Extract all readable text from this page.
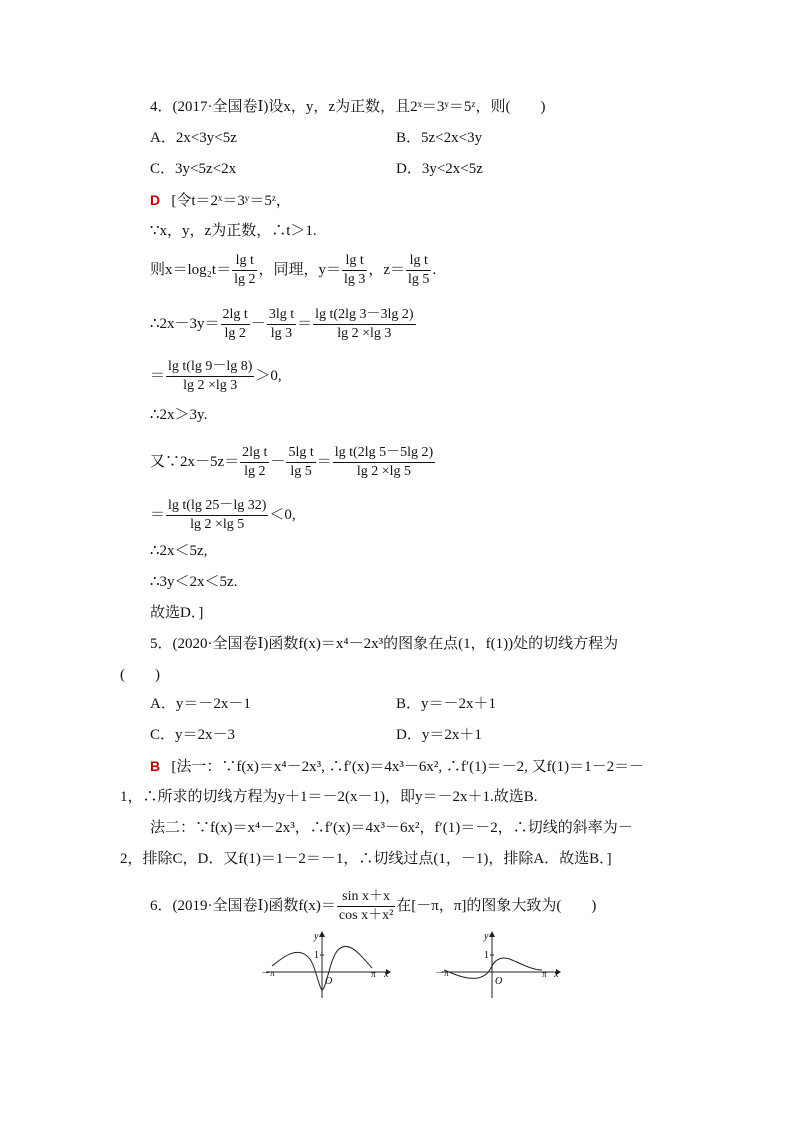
4．(2017·全国卷Ⅰ)设x，y，z为正数，且2ˣ＝3ʸ＝5ᶻ，则(　　)
A．2x<3y<5z	B．5z<2x<3y
C．3y<5z<2x	D．3y<2x<5z
D [令t＝2ˣ＝3ʸ＝5ᶻ，
∵x，y，z为正数，∴t＞1.
则$x=\log_2t= \frac{\text{lg t}}{\lg 2}$ ，同理，$y= \frac{\text{lg t}}{\lg 3}$ ，$z= \frac{\text{lg t}}{\lg 5}$ .
∴2x－3y＝ $\frac{\text{2lg t}}{\lg 2} - \frac{\text{3lg t}}{\lg 3} = \frac{\text{lg t(2lg 3－3lg 2)}}{\lg 2 \times\lg 3}$
＝ $\frac{\text{lg t(lg 9－lg 8)}}{\lg 2 \times\lg 3} >0$,
∴2x＞3y.
又∵2x－5z＝ $\frac{\text{2lg t}}{\lg 2} - \frac{\text{5lg t}}{\lg 5} = \frac{\text{lg t(2lg 5－5lg 2)}}{\lg 2 \times\lg 5}$
＝ $\frac{\text{lg t(lg 25－lg 32)}}{\lg 2 \times\lg 5} <0$,
∴2x＜5z,
∴3y＜2x＜5z.
故选D．]
5．(2020·全国卷Ⅰ)函数f(x)＝x⁴－2x³的图象在点(1，f(1))处的切线方程为
(　　)
A．y＝－2x－1	B．y＝－2x＋1
C．y＝2x－3	D．y＝2x＋1
B [法一：∵f(x)＝x⁴－2x³, ∴f′(x)＝4x³－6x², ∴f′(1)＝－2, 又f(1)＝1－2＝－
1，∴所求的切线方程为y＋1＝－2(x－1)，即y＝－2x＋1.故选B.
法二：∵f(x)＝x⁴－2x³，∴f′(x)＝4x³－6x²，f′(1)＝－2，∴切线的斜率为－
2，排除C，D．又f(1)＝1－2＝－1，∴切线过点(1，－1)，排除A．故选B．]
6．(2019·全国卷Ⅰ)函数$f(x)= \frac{\text{sin x＋x}}{\text{cos x＋x²}}$ 在[－π，π]的图象大致为(　　)
y
1
O
－π	π x
y
1
O
－π	π x
